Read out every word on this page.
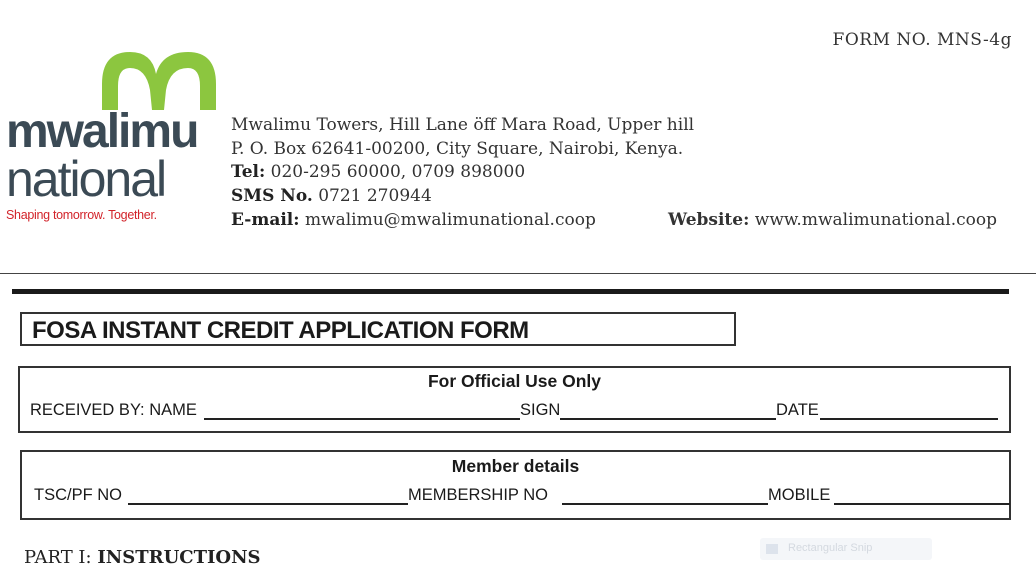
FORM NO. MNS-4g
mwalimu
national
Shaping tomorrow. Together.
Mwalimu Towers, Hill Lane öff Mara Road, Upper hill
P. O. Box 62641-00200, City Square, Nairobi, Kenya.
Tel: 020-295 60000, 0709 898000
SMS No. 0721 270944
E-mail: mwalimu@mwalimunational.coop	Website: www.mwalimunational.coop
FOSA INSTANT CREDIT APPLICATION FORM
For Official Use Only
RECEIVED BY: NAME	SIGN	DATE
Member details
TSC/PF NO	MEMBERSHIP NO	MOBILE
PART I: INSTRUCTIONS	Rectangular Snip
